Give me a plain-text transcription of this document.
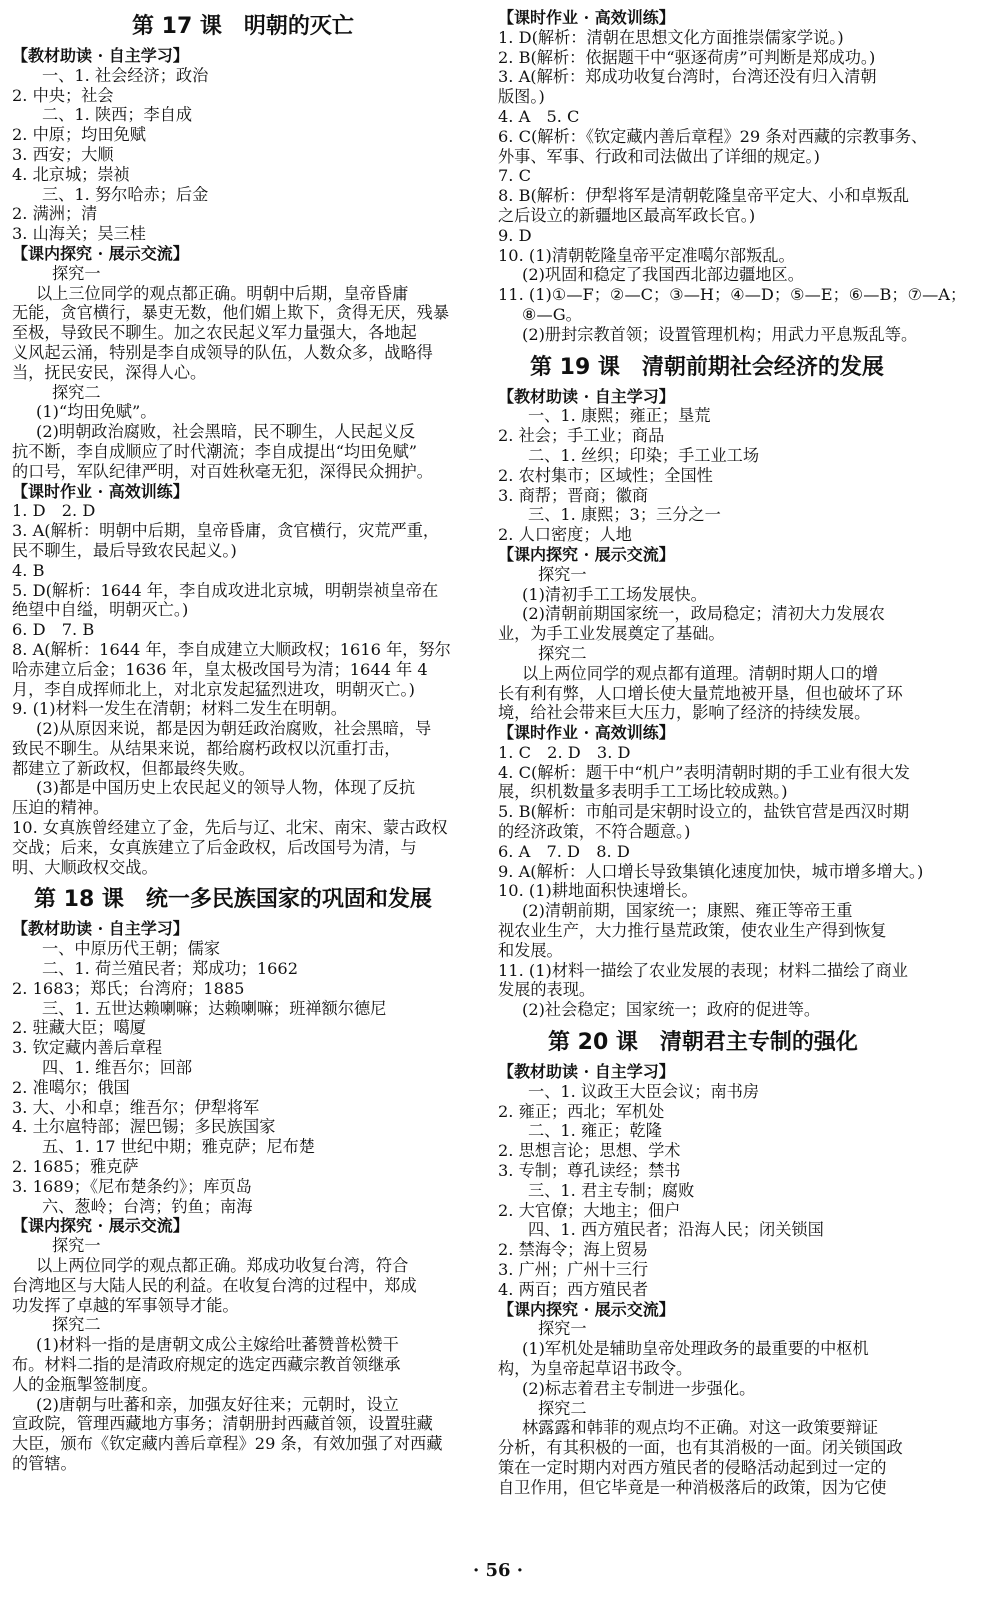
第 17 课　明朝的灭亡
【教材助读 · 自主学习】
一、1. 社会经济；政治
2. 中央；社会
二、1. 陕西；李自成
2. 中原；均田免赋
3. 西安；大顺
4. 北京城；崇祯
三、1. 努尔哈赤；后金
2. 满洲；清
3. 山海关；吴三桂
【课内探究 · 展示交流】
探究一
以上三位同学的观点都正确。明朝中后期，皇帝昏庸
无能，贪官横行，暴吏无数，他们媚上欺下，贪得无厌，残暴
至极，导致民不聊生。加之农民起义军力量强大，各地起
义风起云涌，特别是李自成领导的队伍，人数众多，战略得
当，抚民安民，深得人心。
探究二
(1)“均田免赋”。
(2)明朝政治腐败，社会黑暗，民不聊生，人民起义反
抗不断，李自成顺应了时代潮流；李自成提出“均田免赋”
的口号，军队纪律严明，对百姓秋毫无犯，深得民众拥护。
【课时作业 · 高效训练】
1. D　2. D
3. A(解析：明朝中后期，皇帝昏庸，贪官横行，灾荒严重，
民不聊生，最后导致农民起义。)
4. B
5. D(解析：1644 年，李自成攻进北京城，明朝崇祯皇帝在
绝望中自缢，明朝灭亡。)
6. D　7. B
8. A(解析：1644 年，李自成建立大顺政权；1616 年，努尔
哈赤建立后金；1636 年，皇太极改国号为清；1644 年 4
月，李自成挥师北上，对北京发起猛烈进攻，明朝灭亡。)
9. (1)材料一发生在清朝；材料二发生在明朝。
(2)从原因来说，都是因为朝廷政治腐败，社会黑暗，导
致民不聊生。从结果来说，都给腐朽政权以沉重打击，
都建立了新政权，但都最终失败。
(3)都是中国历史上农民起义的领导人物，体现了反抗
压迫的精神。
10. 女真族曾经建立了金，先后与辽、北宋、南宋、蒙古政权
交战；后来，女真族建立了后金政权，后改国号为清，与
明、大顺政权交战。
第 18 课　统一多民族国家的巩固和发展
【教材助读 · 自主学习】
一、中原历代王朝；儒家
二、1. 荷兰殖民者；郑成功；1662
2. 1683；郑氏；台湾府；1885
三、1. 五世达赖喇嘛；达赖喇嘛；班禅额尔德尼
2. 驻藏大臣；噶厦
3. 钦定藏内善后章程
四、1. 维吾尔；回部
2. 准噶尔；俄国
3. 大、小和卓；维吾尔；伊犁将军
4. 土尔扈特部；渥巴锡；多民族国家
五、1. 17 世纪中期；雅克萨；尼布楚
2. 1685；雅克萨
3. 1689；《尼布楚条约》；库页岛
六、葱岭；台湾；钓鱼；南海
【课内探究 · 展示交流】
探究一
以上两位同学的观点都正确。郑成功收复台湾，符合
台湾地区与大陆人民的利益。在收复台湾的过程中，郑成
功发挥了卓越的军事领导才能。
探究二
(1)材料一指的是唐朝文成公主嫁给吐蕃赞普松赞干
布。材料二指的是清政府规定的选定西藏宗教首领继承
人的金瓶掣签制度。
(2)唐朝与吐蕃和亲，加强友好往来；元朝时，设立
宣政院，管理西藏地方事务；清朝册封西藏首领，设置驻藏
大臣，颁布《钦定藏内善后章程》29 条，有效加强了对西藏
的管辖。
【课时作业 · 高效训练】
1. D(解析：清朝在思想文化方面推崇儒家学说。)
2. B(解析：依据题干中“驱逐荷虏”可判断是郑成功。)
3. A(解析：郑成功收复台湾时，台湾还没有归入清朝
版图。)
4. A　5. C
6. C(解析：《钦定藏内善后章程》29 条对西藏的宗教事务、
外事、军事、行政和司法做出了详细的规定。)
7. C
8. B(解析：伊犁将军是清朝乾隆皇帝平定大、小和卓叛乱
之后设立的新疆地区最高军政长官。)
9. D
10. (1)清朝乾隆皇帝平定准噶尔部叛乱。
(2)巩固和稳定了我国西北部边疆地区。
11. (1)①—F；②—C；③—H；④—D；⑤—E；⑥—B；⑦—A；
⑧—G。
(2)册封宗教首领；设置管理机构；用武力平息叛乱等。
第 19 课　清朝前期社会经济的发展
【教材助读 · 自主学习】
一、1. 康熙；雍正；垦荒
2. 社会；手工业；商品
二、1. 丝织；印染；手工业工场
2. 农村集市；区域性；全国性
3. 商帮；晋商；徽商
三、1. 康熙；3；三分之一
2. 人口密度；人地
【课内探究 · 展示交流】
探究一
(1)清初手工工场发展快。
(2)清朝前期国家统一，政局稳定；清初大力发展农
业，为手工业发展奠定了基础。
探究二
以上两位同学的观点都有道理。清朝时期人口的增
长有利有弊，人口增长使大量荒地被开垦，但也破坏了环
境，给社会带来巨大压力，影响了经济的持续发展。
【课时作业 · 高效训练】
1. C　2. D　3. D
4. C(解析：题干中“机户”表明清朝时期的手工业有很大发
展，织机数量多表明手工工场比较成熟。)
5. B(解析：市舶司是宋朝时设立的，盐铁官营是西汉时期
的经济政策，不符合题意。)
6. A　7. D　8. D
9. A(解析：人口增长导致集镇化速度加快，城市增多增大。)
10. (1)耕地面积快速增长。
(2)清朝前期，国家统一；康熙、雍正等帝王重
视农业生产，大力推行垦荒政策，使农业生产得到恢复
和发展。
11. (1)材料一描绘了农业发展的表现；材料二描绘了商业
发展的表现。
(2)社会稳定；国家统一；政府的促进等。
第 20 课　清朝君主专制的强化
【教材助读 · 自主学习】
一、1. 议政王大臣会议；南书房
2. 雍正；西北；军机处
二、1. 雍正；乾隆
2. 思想言论；思想、学术
3. 专制；尊孔读经；禁书
三、1. 君主专制；腐败
2. 大官僚；大地主；佃户
四、1. 西方殖民者；沿海人民；闭关锁国
2. 禁海令；海上贸易
3. 广州；广州十三行
4. 两百；西方殖民者
【课内探究 · 展示交流】
探究一
(1)军机处是辅助皇帝处理政务的最重要的中枢机
构，为皇帝起草诏书政令。
(2)标志着君主专制进一步强化。
探究二
林露露和韩菲的观点均不正确。对这一政策要辩证
分析，有其积极的一面，也有其消极的一面。闭关锁国政
策在一定时期内对西方殖民者的侵略活动起到过一定的
自卫作用，但它毕竟是一种消极落后的政策，因为它使
· 56 ·
